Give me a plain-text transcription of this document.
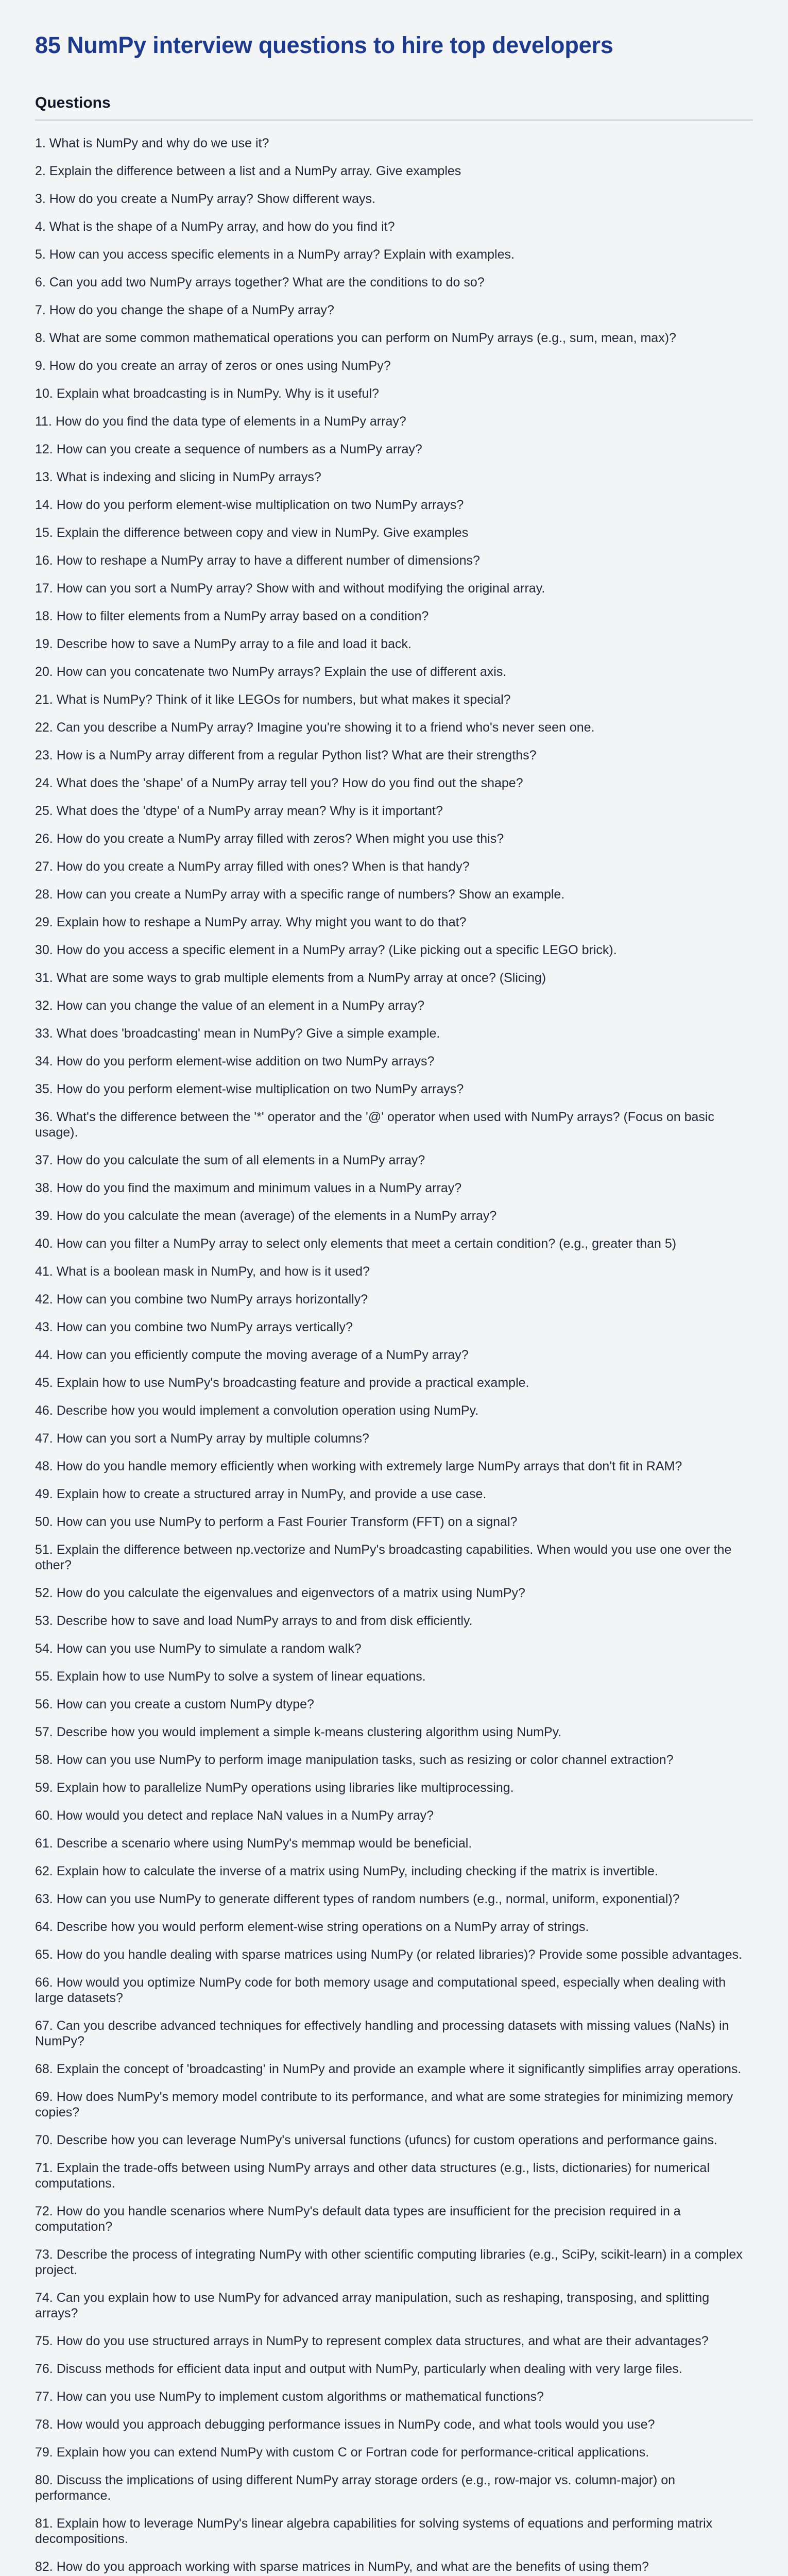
85 NumPy interview questions to hire top developers
Questions
1. What is NumPy and why do we use it?
2. Explain the difference between a list and a NumPy array. Give examples
3. How do you create a NumPy array? Show different ways.
4. What is the shape of a NumPy array, and how do you find it?
5. How can you access specific elements in a NumPy array? Explain with examples.
6. Can you add two NumPy arrays together? What are the conditions to do so?
7. How do you change the shape of a NumPy array?
8. What are some common mathematical operations you can perform on NumPy arrays (e.g., sum, mean, max)?
9. How do you create an array of zeros or ones using NumPy?
10. Explain what broadcasting is in NumPy. Why is it useful?
11. How do you find the data type of elements in a NumPy array?
12. How can you create a sequence of numbers as a NumPy array?
13. What is indexing and slicing in NumPy arrays?
14. How do you perform element-wise multiplication on two NumPy arrays?
15. Explain the difference between copy and view in NumPy. Give examples
16. How to reshape a NumPy array to have a different number of dimensions?
17. How can you sort a NumPy array? Show with and without modifying the original array.
18. How to filter elements from a NumPy array based on a condition?
19. Describe how to save a NumPy array to a file and load it back.
20. How can you concatenate two NumPy arrays? Explain the use of different axis.
21. What is NumPy? Think of it like LEGOs for numbers, but what makes it special?
22. Can you describe a NumPy array? Imagine you're showing it to a friend who's never seen one.
23. How is a NumPy array different from a regular Python list? What are their strengths?
24. What does the 'shape' of a NumPy array tell you? How do you find out the shape?
25. What does the 'dtype' of a NumPy array mean? Why is it important?
26. How do you create a NumPy array filled with zeros? When might you use this?
27. How do you create a NumPy array filled with ones? When is that handy?
28. How can you create a NumPy array with a specific range of numbers? Show an example.
29. Explain how to reshape a NumPy array. Why might you want to do that?
30. How do you access a specific element in a NumPy array? (Like picking out a specific LEGO brick).
31. What are some ways to grab multiple elements from a NumPy array at once? (Slicing)
32. How can you change the value of an element in a NumPy array?
33. What does 'broadcasting' mean in NumPy? Give a simple example.
34. How do you perform element-wise addition on two NumPy arrays?
35. How do you perform element-wise multiplication on two NumPy arrays?
36. What's the difference between the '*' operator and the '@' operator when used with NumPy arrays? (Focus on basic usage).
37. How do you calculate the sum of all elements in a NumPy array?
38. How do you find the maximum and minimum values in a NumPy array?
39. How do you calculate the mean (average) of the elements in a NumPy array?
40. How can you filter a NumPy array to select only elements that meet a certain condition? (e.g., greater than 5)
41. What is a boolean mask in NumPy, and how is it used?
42. How can you combine two NumPy arrays horizontally?
43. How can you combine two NumPy arrays vertically?
44. How can you efficiently compute the moving average of a NumPy array?
45. Explain how to use NumPy's broadcasting feature and provide a practical example.
46. Describe how you would implement a convolution operation using NumPy.
47. How can you sort a NumPy array by multiple columns?
48. How do you handle memory efficiently when working with extremely large NumPy arrays that don't fit in RAM?
49. Explain how to create a structured array in NumPy, and provide a use case.
50. How can you use NumPy to perform a Fast Fourier Transform (FFT) on a signal?
51. Explain the difference between np.vectorize and NumPy's broadcasting capabilities. When would you use one over the other?
52. How do you calculate the eigenvalues and eigenvectors of a matrix using NumPy?
53. Describe how to save and load NumPy arrays to and from disk efficiently.
54. How can you use NumPy to simulate a random walk?
55. Explain how to use NumPy to solve a system of linear equations.
56. How can you create a custom NumPy dtype?
57. Describe how you would implement a simple k-means clustering algorithm using NumPy.
58. How can you use NumPy to perform image manipulation tasks, such as resizing or color channel extraction?
59. Explain how to parallelize NumPy operations using libraries like multiprocessing.
60. How would you detect and replace NaN values in a NumPy array?
61. Describe a scenario where using NumPy's memmap would be beneficial.
62. Explain how to calculate the inverse of a matrix using NumPy, including checking if the matrix is invertible.
63. How can you use NumPy to generate different types of random numbers (e.g., normal, uniform, exponential)?
64. Describe how you would perform element-wise string operations on a NumPy array of strings.
65. How do you handle dealing with sparse matrices using NumPy (or related libraries)? Provide some possible advantages.
66. How would you optimize NumPy code for both memory usage and computational speed, especially when dealing with large datasets?
67. Can you describe advanced techniques for effectively handling and processing datasets with missing values (NaNs) in NumPy?
68. Explain the concept of 'broadcasting' in NumPy and provide an example where it significantly simplifies array operations.
69. How does NumPy's memory model contribute to its performance, and what are some strategies for minimizing memory copies?
70. Describe how you can leverage NumPy's universal functions (ufuncs) for custom operations and performance gains.
71. Explain the trade-offs between using NumPy arrays and other data structures (e.g., lists, dictionaries) for numerical computations.
72. How do you handle scenarios where NumPy's default data types are insufficient for the precision required in a computation?
73. Describe the process of integrating NumPy with other scientific computing libraries (e.g., SciPy, scikit-learn) in a complex project.
74. Can you explain how to use NumPy for advanced array manipulation, such as reshaping, transposing, and splitting arrays?
75. How do you use structured arrays in NumPy to represent complex data structures, and what are their advantages?
76. Discuss methods for efficient data input and output with NumPy, particularly when dealing with very large files.
77. How can you use NumPy to implement custom algorithms or mathematical functions?
78. How would you approach debugging performance issues in NumPy code, and what tools would you use?
79. Explain how you can extend NumPy with custom C or Fortran code for performance-critical applications.
80. Discuss the implications of using different NumPy array storage orders (e.g., row-major vs. column-major) on performance.
81. Explain how to leverage NumPy's linear algebra capabilities for solving systems of equations and performing matrix decompositions.
82. How do you approach working with sparse matrices in NumPy, and what are the benefits of using them?
